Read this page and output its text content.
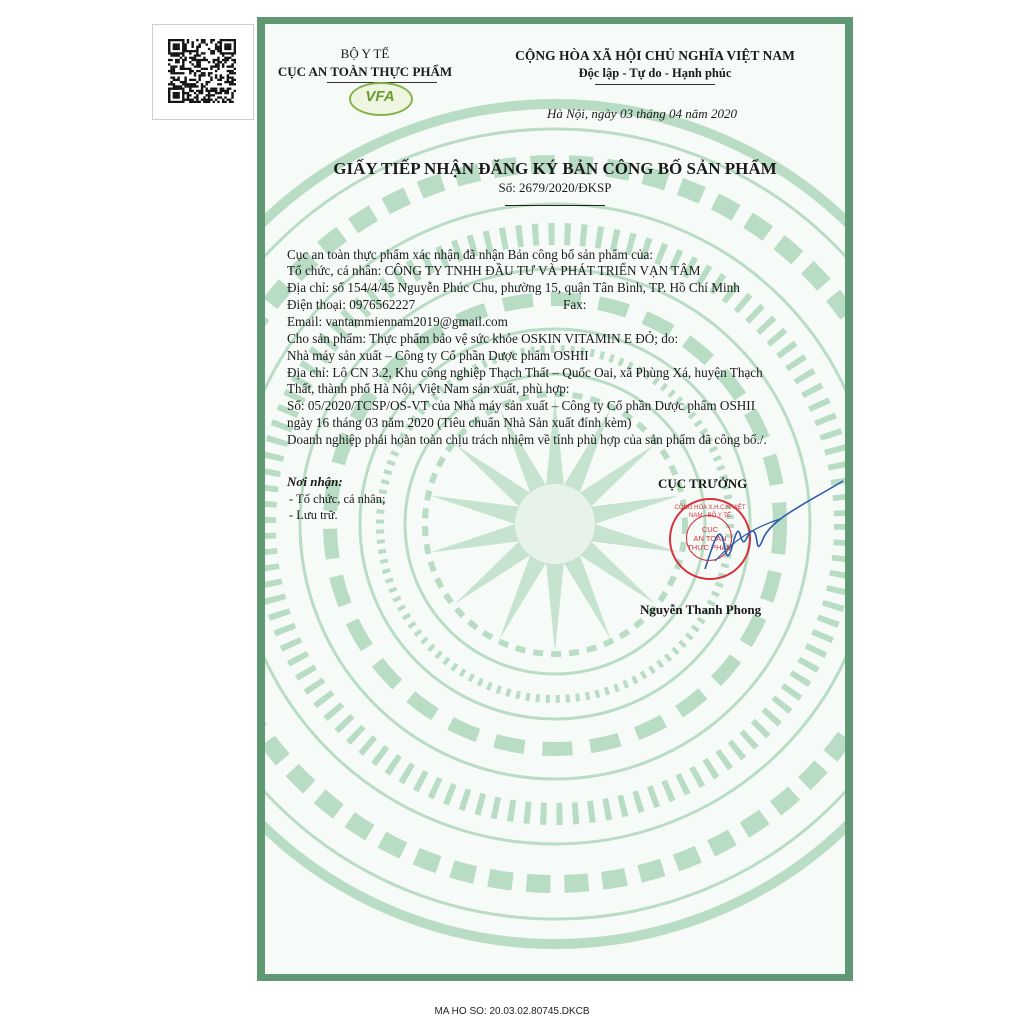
BỘ Y TẾ
CỤC AN TOÀN THỰC PHẨM
VFA
CỘNG HÒA XÃ HỘI CHỦ NGHĨA VIỆT NAM
Độc lập - Tự do - Hạnh phúc
Hà Nội, ngày 03 tháng 04 năm 2020
GIẤY TIẾP NHẬN ĐĂNG KÝ BẢN CÔNG BỐ SẢN PHẨM
Số: 2679/2020/ĐKSP
Cục an toàn thực phẩm xác nhận đã nhận Bản công bố sản phẩm của:
Tổ chức, cá nhân: CÔNG TY TNHH ĐẦU TƯ VÀ PHÁT TRIỂN VẠN TÂM
Địa chỉ: số 154/4/45 Nguyễn Phúc Chu, phường 15, quận Tân Bình, TP. Hồ Chí Minh
Điện thoại: 0976562227	Fax:
Email: vantammiennam2019@gmail.com
Cho sản phẩm: Thực phẩm bảo vệ sức khỏe OSKIN VITAMIN E ĐỎ; do:
Nhà máy sản xuất – Công ty Cổ phần Dược phẩm OSHII
Địa chỉ: Lô CN 3.2, Khu công nghiệp Thạch Thất – Quốc Oai, xã Phùng Xá, huyện Thạch
Thất, thành phố Hà Nội, Việt Nam sản xuất, phù hợp:
Số: 05/2020/TCSP/OS-VT của Nhà máy sản xuất – Công ty Cổ phần Dược phẩm OSHII
ngày 16 tháng 03 năm 2020 (Tiêu chuẩn Nhà Sản xuất đính kèm)
Doanh nghiệp phải hoàn toàn chịu trách nhiệm về tính phù hợp của sản phẩm đã công bố./.
Nơi nhận:
- Tổ chức, cá nhân;
- Lưu trữ.
CỤC TRƯỞNG
CỘNG HÒA X.H.C.N VIỆT NAM · BỘ Y TẾ
CỤC
AN TOÀN
THỰC PHẨM
Nguyễn Thanh Phong
MA HO SO: 20.03.02.80745.DKCB
